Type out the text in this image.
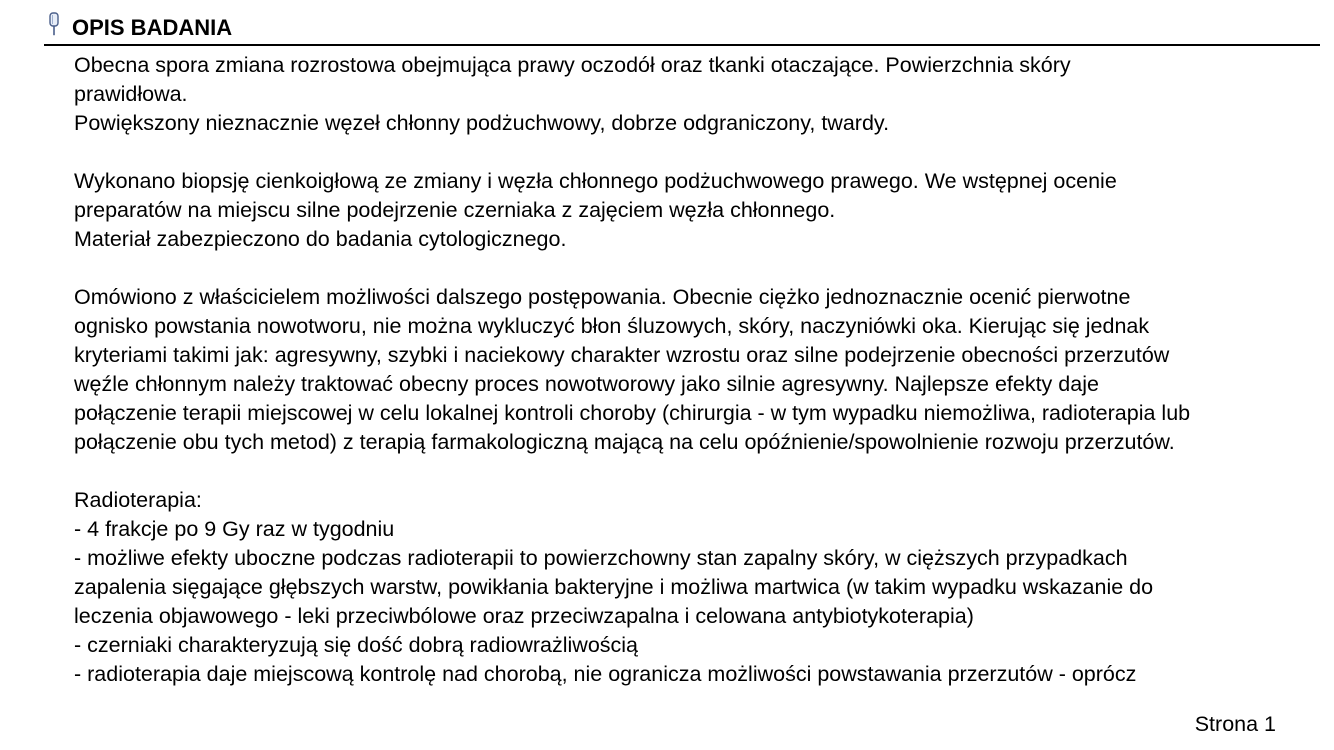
OPIS BADANIA
Obecna spora zmiana rozrostowa obejmująca prawy oczodół oraz tkanki otaczające. Powierzchnia skóry
prawidłowa.
Powiększony nieznacznie węzeł chłonny podżuchwowy, dobrze odgraniczony, twardy.
Wykonano biopsję cienkoigłową ze zmiany i węzła chłonnego podżuchwowego prawego. We wstępnej ocenie
preparatów na miejscu silne podejrzenie czerniaka z zajęciem węzła chłonnego.
Materiał zabezpieczono do badania cytologicznego.
Omówiono z właścicielem możliwości dalszego postępowania. Obecnie ciężko jednoznacznie ocenić pierwotne
ognisko powstania nowotworu, nie można wykluczyć błon śluzowych, skóry, naczyniówki oka. Kierując się jednak
kryteriami takimi jak: agresywny, szybki i naciekowy charakter wzrostu oraz silne podejrzenie obecności przerzutów
węźle chłonnym należy traktować obecny proces nowotworowy jako silnie agresywny. Najlepsze efekty daje
połączenie terapii miejscowej w celu lokalnej kontroli choroby (chirurgia - w tym wypadku niemożliwa, radioterapia lub
połączenie obu tych metod) z terapią farmakologiczną mającą na celu opóźnienie/spowolnienie rozwoju przerzutów.
Radioterapia:
- 4 frakcje po 9 Gy raz w tygodniu
- możliwe efekty uboczne podczas radioterapii to powierzchowny stan zapalny skóry, w cięższych przypadkach
zapalenia sięgające głębszych warstw, powikłania bakteryjne i możliwa martwica (w takim wypadku wskazanie do
leczenia objawowego - leki przeciwbólowe oraz przeciwzapalna i celowana antybiotykoterapia)
- czerniaki charakteryzują się dość dobrą radiowrażliwością
- radioterapia daje miejscową kontrolę nad chorobą, nie ogranicza możliwości powstawania przerzutów - oprócz
Strona 1
